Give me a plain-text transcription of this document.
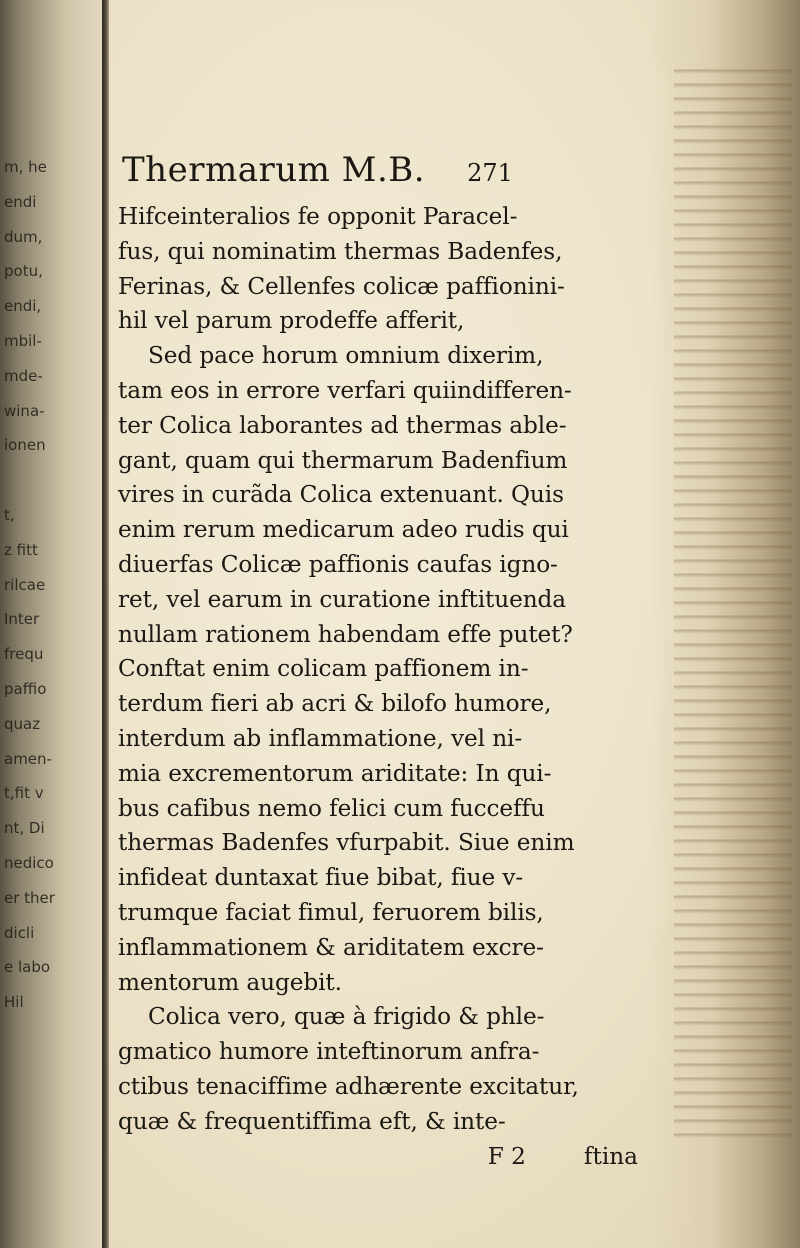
m, he
endi
dum,
potu,
endi,
mbil-
mde-
wina-
ionen
t,
z fitt
rilcae
Inter
frequ
paffio
quaz
amen-
t,fit v
nt, Di
nedico
er ther
dicli
e labo
Hil
Thermarum M.B. 271
Hifceinteralios fe opponit Paracel-
fus, qui nominatim thermas Badenfes,
Ferinas, & Cellenfes colicæ paffionini-
hil vel parum prodeffe afferit,
Sed pace horum omnium dixerim,
tam eos in errore verfari quiindifferen-
ter Colica laborantes ad thermas able-
gant, quam qui thermarum Badenfium
vires in curãda Colica extenuant. Quis
enim rerum medicarum adeo rudis qui
diuerfas Colicæ paffionis caufas igno-
ret, vel earum in curatione inftituenda
nullam rationem habendam effe putet?
Conftat enim colicam paffionem in-
terdum fieri ab acri & bilofo humore,
interdum ab inflammatione, vel ni-
mia excrementorum ariditate: In qui-
bus cafibus nemo felici cum fucceffu
thermas Badenfes vfurpabit. Siue enim
infideat duntaxat fiue bibat, fiue v-
trumque faciat fimul, feruorem bilis,
inflammationem & ariditatem excre-
mentorum augebit.
Colica vero, quæ à frigido & phle-
gmatico humore inteftinorum anfra-
ctibus tenaciffime adhærente excitatur,
quæ & frequentiffima eft, & inte-
F 2	ftina
